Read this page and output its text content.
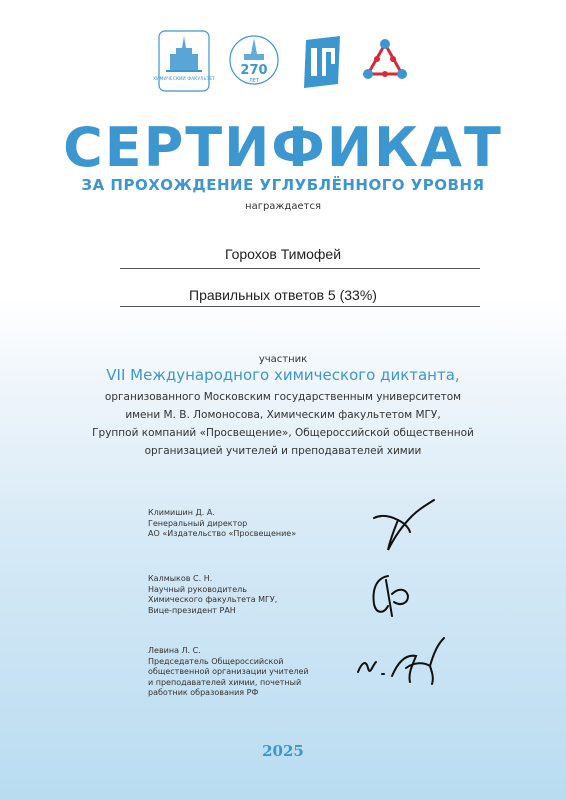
ХИМИЧЕСКИЙ ФАКУЛЬТЕТ
270
ЛЕТ
СЕРТИФИКАТ
ЗА ПРОХОЖДЕНИЕ УГЛУБЛЁННОГО УРОВНЯ
награждается
Горохов Тимофей
Правильных ответов 5 (33%)
участник
VII Международного химического диктанта,
организованного Московским государственным университетом
имени М. В. Ломоносова, Химическим факультетом МГУ,
Группой компаний «Просвещение», Общероссийской общественной
организацией учителей и преподавателей химии
Климишин Д. А.
Генеральный директор
АО «Издательство «Просвещение»
Калмыков С. Н.
Научный руководитель
Химического факультета МГУ,
Вице-президент РАН
Левина Л. С.
Председатель Общероссийской
общественной организации учителей
и преподавателей химии, почетный
работник образования РФ
2025
